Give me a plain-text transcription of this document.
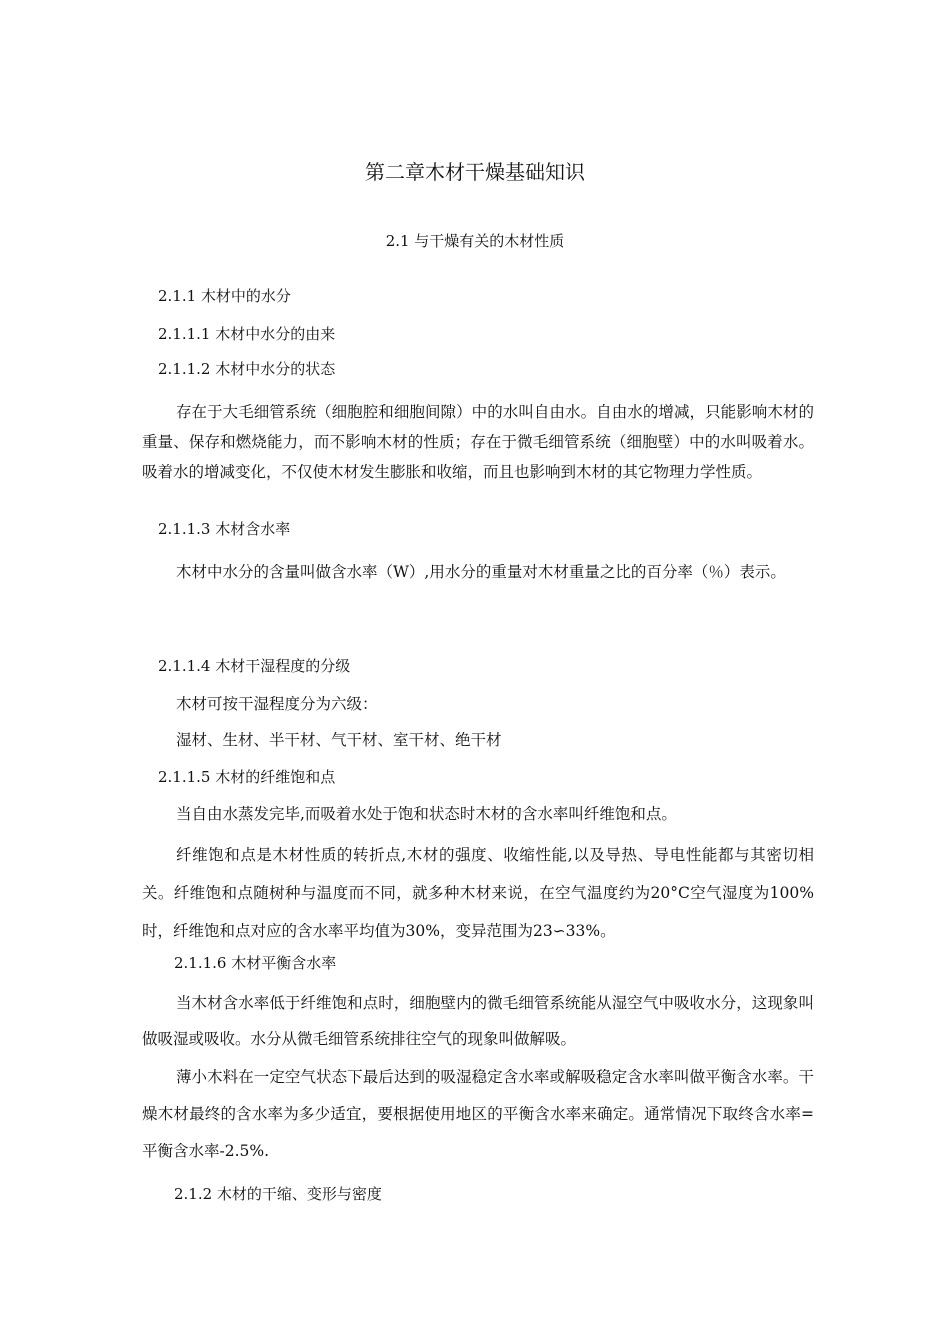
第二章木材干燥基础知识
2.1 与干燥有关的木材性质
2.1.1 木材中的水分
2.1.1.1 木材中水分的由来
2.1.1.2 木材中水分的状态
存在于大毛细管系统（细胞腔和细胞间隙）中的水叫自由水。自由水的增减，只能影响木材的重量、保存和燃烧能力，而不影响木材的性质；存在于微毛细管系统（细胞壁）中的水叫吸着水。吸着水的增减变化，不仅使木材发生膨胀和收缩，而且也影响到木材的其它物理力学性质。
2.1.1.3 木材含水率
木材中水分的含量叫做含水率（W）,用水分的重量对木材重量之比的百分率（％）表示。
2.1.1.4 木材干湿程度的分级
木材可按干湿程度分为六级：
湿材、生材、半干材、气干材、室干材、绝干材
2.1.1.5 木材的纤维饱和点
当自由水蒸发完毕,而吸着水处于饱和状态时木材的含水率叫纤维饱和点。
纤维饱和点是木材性质的转折点,木材的强度、收缩性能,以及导热、导电性能都与其密切相关。纤维饱和点随树种与温度而不同，就多种木材来说，在空气温度约为20°C空气湿度为100%时，纤维饱和点对应的含水率平均值为30%，变异范围为23∽33%。
2.1.1.6 木材平衡含水率
当木材含水率低于纤维饱和点时，细胞壁内的微毛细管系统能从湿空气中吸收水分，这现象叫做吸湿或吸收。水分从微毛细管系统排往空气的现象叫做解吸。
薄小木料在一定空气状态下最后达到的吸湿稳定含水率或解吸稳定含水率叫做平衡含水率。干燥木材最终的含水率为多少适宜，要根据使用地区的平衡含水率来确定。通常情况下取终含水率=平衡含水率-2.5%.
2.1.2 木材的干缩、变形与密度
